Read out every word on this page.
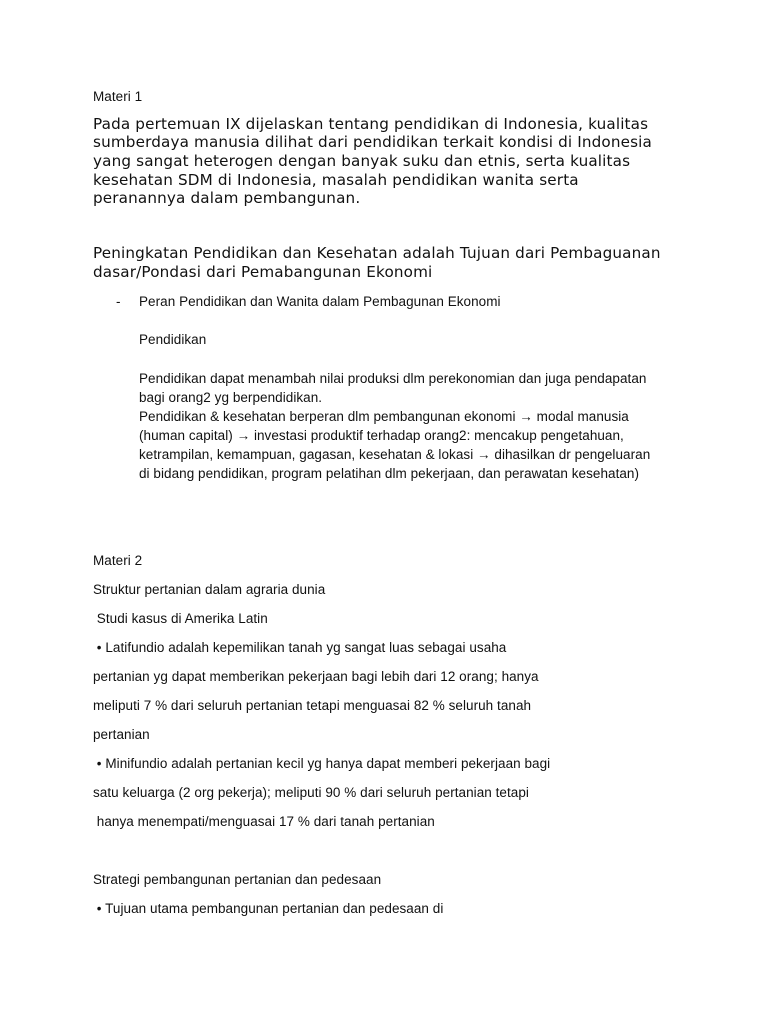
Materi 1

Pada pertemuan IX dijelaskan tentang pendidikan di Indonesia, kualitas

sumberdaya manusia dilihat dari pendidikan terkait kondisi di Indonesia

yang sangat heterogen dengan banyak suku dan etnis, serta kualitas

kesehatan SDM di Indonesia, masalah pendidikan wanita serta

peranannya dalam pembangunan.

Peningkatan Pendidikan dan Kesehatan adalah Tujuan dari Pembaguanan

dasar/Pondasi dari Pemabangunan Ekonomi

- Peran Pendidikan dan Wanita dalam Pembagunan Ekonomi

Pendidikan

Pendidikan dapat menambah nilai produksi dlm perekonomian dan juga pendapatan

bagi orang2 yg berpendidikan.

Pendidikan & kesehatan berperan dlm pembangunan ekonomi → modal manusia

(human capital) → investasi produktif terhadap orang2: mencakup pengetahuan,

ketrampilan, kemampuan, gagasan, kesehatan & lokasi → dihasilkan dr pengeluaran

di bidang pendidikan, program pelatihan dlm pekerjaan, dan perawatan kesehatan)

Materi 2

Struktur pertanian dalam agraria dunia

Studi kasus di Amerika Latin

• Latifundio adalah kepemilikan tanah yg sangat luas sebagai usaha

pertanian yg dapat memberikan pekerjaan bagi lebih dari 12 orang; hanya

meliputi 7 % dari seluruh pertanian tetapi menguasai 82 % seluruh tanah

pertanian

• Minifundio adalah pertanian kecil yg hanya dapat memberi pekerjaan bagi

satu keluarga (2 org pekerja); meliputi 90 % dari seluruh pertanian tetapi

hanya menempati/menguasai 17 % dari tanah pertanian

Strategi pembangunan pertanian dan pedesaan

• Tujuan utama pembangunan pertanian dan pedesaan di
